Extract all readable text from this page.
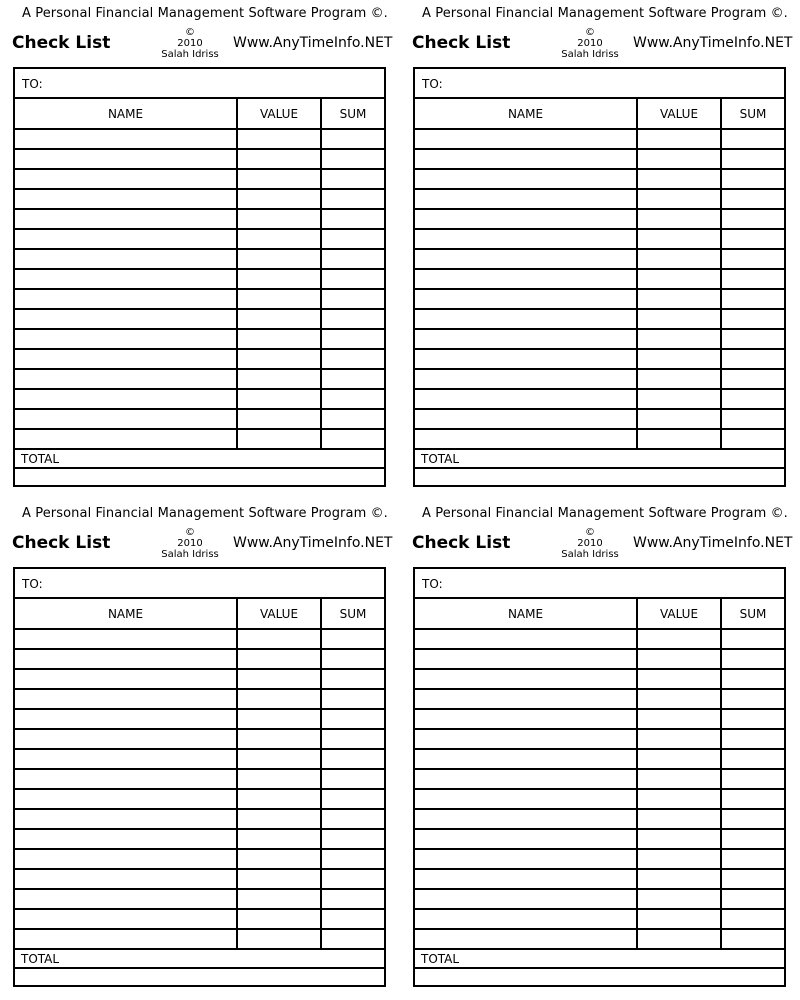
A Personal Financial Management Software Program ©.
Check List
©
2010
Salah Idriss
Www.AnyTimeInfo.NET
TO:
NAME	VALUE	SUM

TOTAL
A Personal Financial Management Software Program ©.
Check List
©
2010
Salah Idriss
Www.AnyTimeInfo.NET
TO:
NAME	VALUE	SUM

TOTAL
A Personal Financial Management Software Program ©.
Check List
©
2010
Salah Idriss
Www.AnyTimeInfo.NET
TO:
NAME	VALUE	SUM

TOTAL
A Personal Financial Management Software Program ©.
Check List
©
2010
Salah Idriss
Www.AnyTimeInfo.NET
TO:
NAME	VALUE	SUM

TOTAL
